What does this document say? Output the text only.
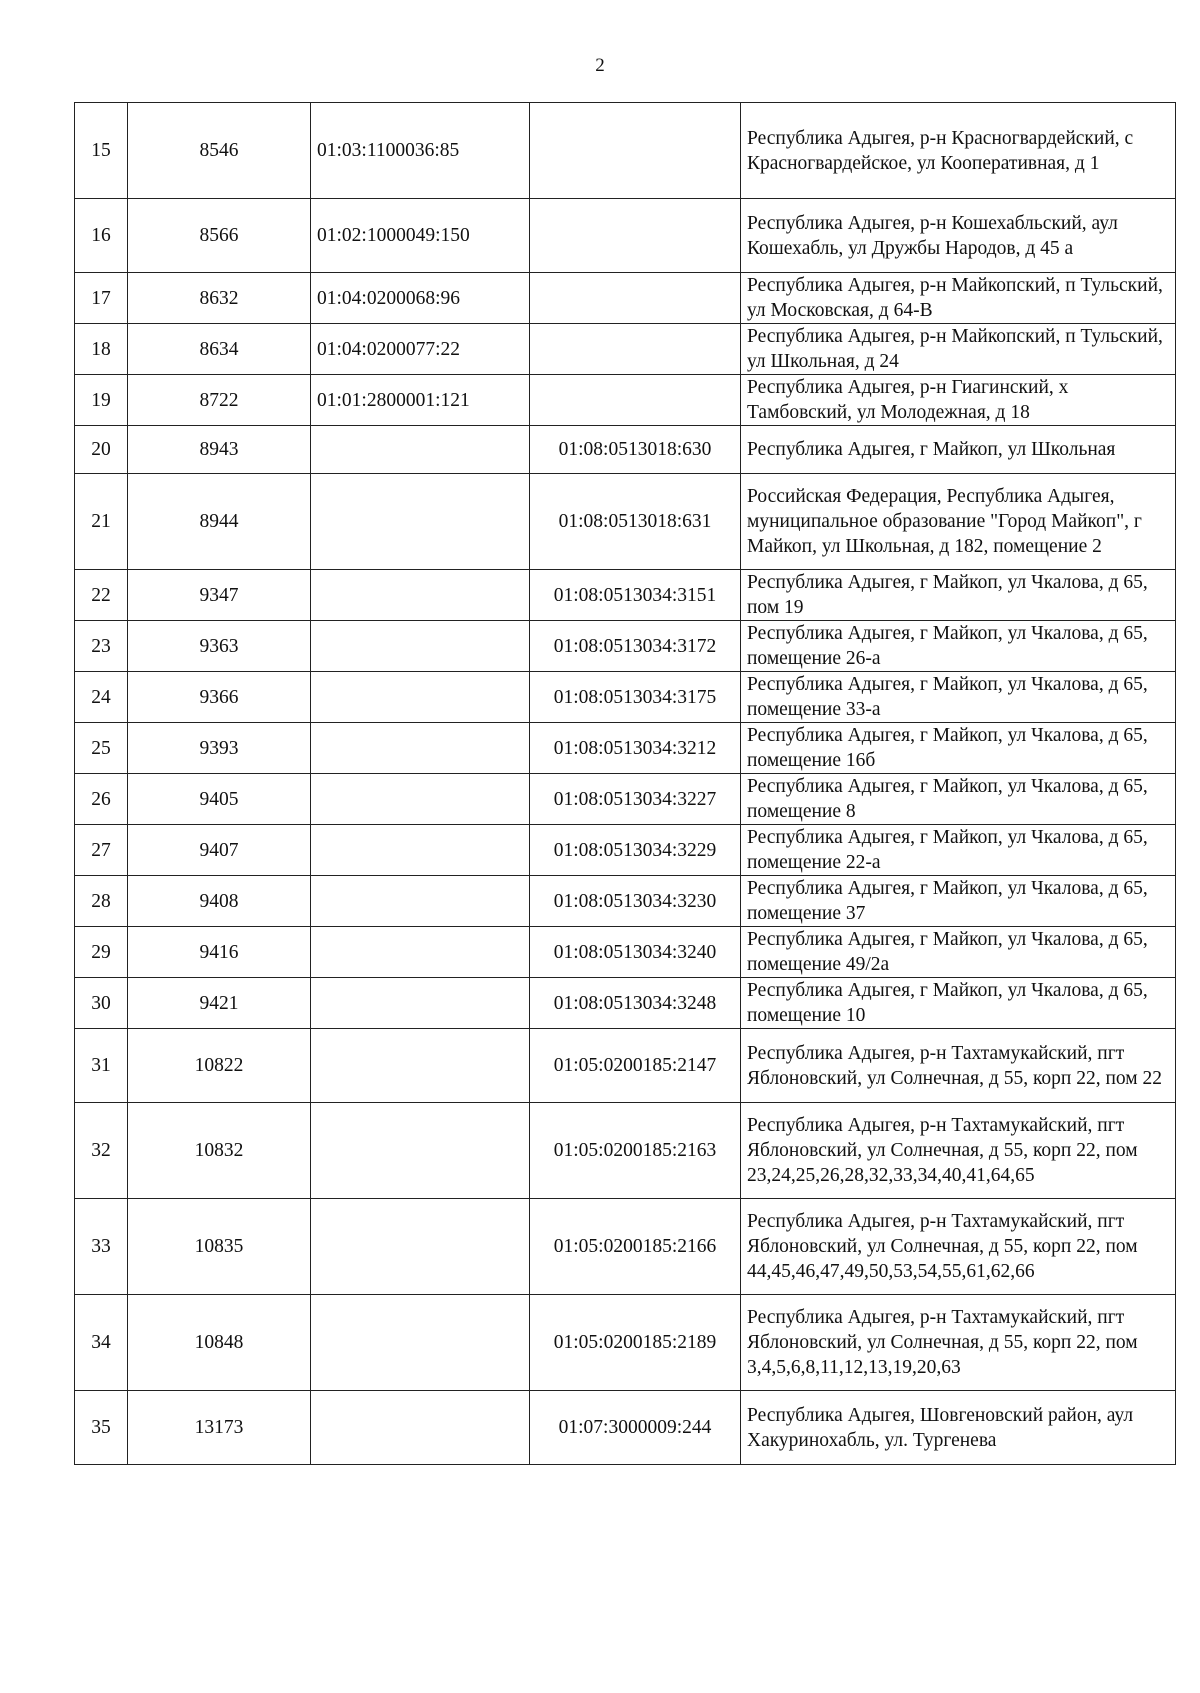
2
15	8546	01:03:1100036:85		Республика Адыгея, р-н Красногвардейский, с Красногвардейское, ул Кооперативная, д 1
16	8566	01:02:1000049:150		Республика Адыгея, р-н Кошехабльский, аул Кошехабль, ул Дружбы Народов, д 45 а
17	8632	01:04:0200068:96		Республика Адыгея, р-н Майкопский, п Тульский, ул Московская, д 64-В
18	8634	01:04:0200077:22		Республика Адыгея, р-н Майкопский, п Тульский, ул Школьная, д 24
19	8722	01:01:2800001:121		Республика Адыгея, р-н Гиагинский, х Тамбовский, ул Молодежная, д 18
20	8943		01:08:0513018:630	Республика Адыгея, г Майкоп, ул Школьная
21	8944		01:08:0513018:631	Российская Федерация, Республика Адыгея, муниципальное образование "Город Майкоп", г Майкоп, ул Школьная, д 182, помещение 2
22	9347		01:08:0513034:3151	Республика Адыгея, г Майкоп, ул Чкалова, д 65, пом 19
23	9363		01:08:0513034:3172	Республика Адыгея, г Майкоп, ул Чкалова, д 65, помещение 26-а
24	9366		01:08:0513034:3175	Республика Адыгея, г Майкоп, ул Чкалова, д 65, помещение 33-а
25	9393		01:08:0513034:3212	Республика Адыгея, г Майкоп, ул Чкалова, д 65, помещение 16б
26	9405		01:08:0513034:3227	Республика Адыгея, г Майкоп, ул Чкалова, д 65, помещение 8
27	9407		01:08:0513034:3229	Республика Адыгея, г Майкоп, ул Чкалова, д 65, помещение 22-а
28	9408		01:08:0513034:3230	Республика Адыгея, г Майкоп, ул Чкалова, д 65, помещение 37
29	9416		01:08:0513034:3240	Республика Адыгея, г Майкоп, ул Чкалова, д 65, помещение 49/2а
30	9421		01:08:0513034:3248	Республика Адыгея, г Майкоп, ул Чкалова, д 65, помещение 10
31	10822		01:05:0200185:2147	Республика Адыгея, р-н Тахтамукайский, пгт Яблоновский, ул Солнечная, д 55, корп 22, пом 22
32	10832		01:05:0200185:2163	Республика Адыгея, р-н Тахтамукайский, пгт Яблоновский, ул Солнечная, д 55, корп 22, пом 23,24,25,26,28,32,33,34,40,41,64,65
33	10835		01:05:0200185:2166	Республика Адыгея, р-н Тахтамукайский, пгт Яблоновский, ул Солнечная, д 55, корп 22, пом 44,45,46,47,49,50,53,54,55,61,62,66
34	10848		01:05:0200185:2189	Республика Адыгея, р-н Тахтамукайский, пгт Яблоновский, ул Солнечная, д 55, корп 22, пом 3,4,5,6,8,11,12,13,19,20,63
35	13173		01:07:3000009:244	Республика Адыгея, Шовгеновский район, аул Хакуринохабль, ул. Тургенева
